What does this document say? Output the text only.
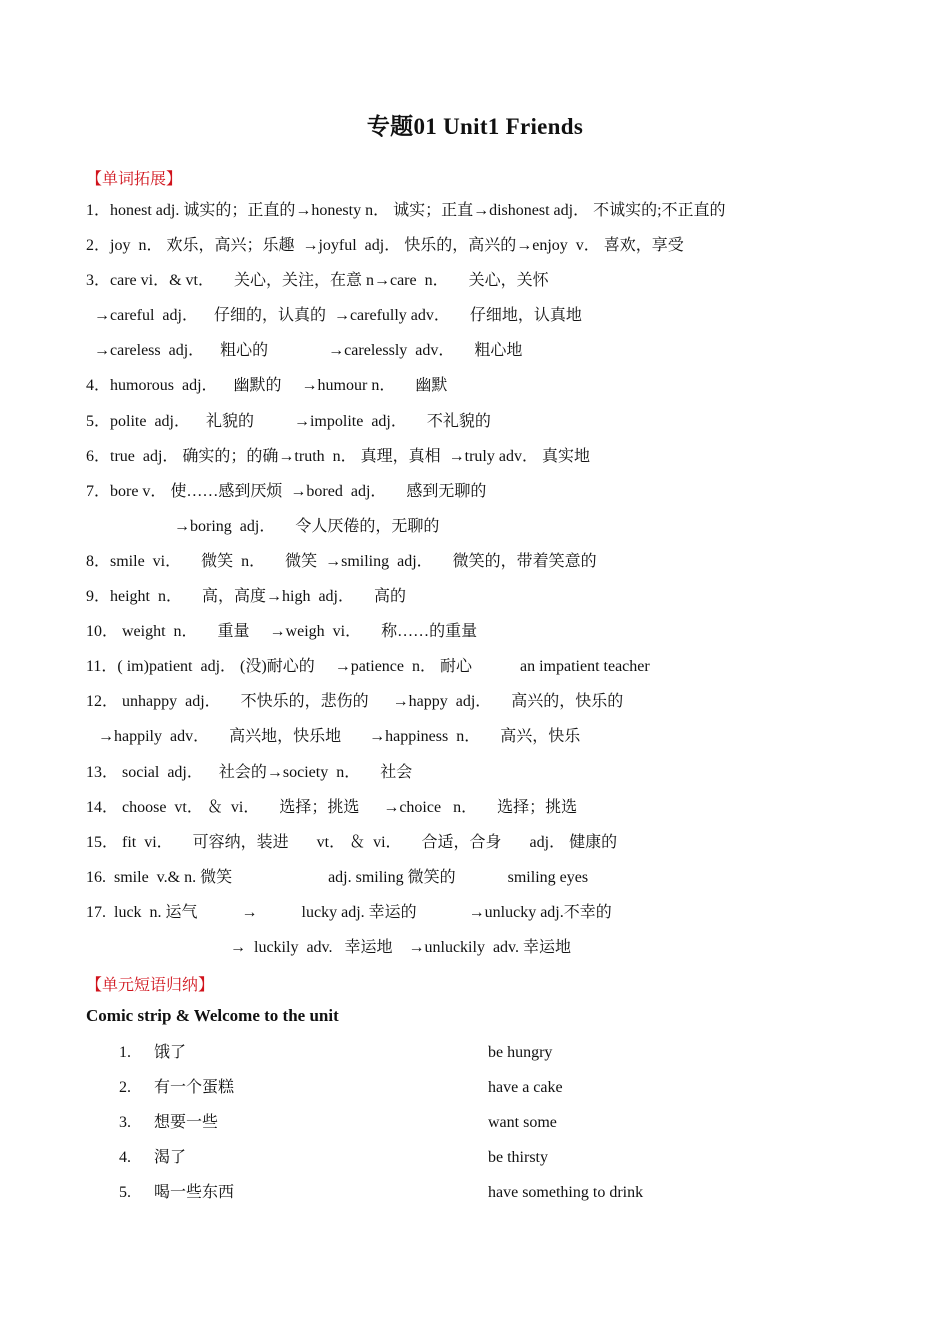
专题01 Unit1 Friends
【单词拓展】
1．honest adj. 诚实的；正直的→honesty n． 诚实；正直→dishonest adj． 不诚实的;不正直的
2．joy  n． 欢乐，高兴；乐趣  →joyful  adj． 快乐的，高兴的→enjoy  v． 喜欢，享受
3．care vi．& vt．     关心，关注，在意 n→care  n．     关心，关怀
→careful  adj．    仔细的，认真的  →carefully adv．     仔细地，认真地
→careless  adj．    粗心的               →carelessly  adv．     粗心地
4．humorous  adj．    幽默的     →humour n．     幽默
5．polite  adj．    礼貌的          →impolite  adj．     不礼貌的
6．true  adj． 确实的；的确→truth  n． 真理，真相  →truly adv． 真实地
7．bore v． 使……感到厌烦  →bored  adj．     感到无聊的
→boring  adj．     令人厌倦的，无聊的
8．smile  vi．     微笑  n．     微笑  →smiling  adj．     微笑的，带着笑意的
9．height  n．     高，高度→high  adj．     高的
10． weight  n．     重量     →weigh  vi．     称……的重量
11．( im)patient  adj． (没)耐心的     →patience  n． 耐心            an impatient teacher
12． unhappy  adj．     不快乐的，悲伤的      →happy  adj．     高兴的，快乐的
→happily  adv．     高兴地，快乐地       →happiness  n．     高兴，快乐
13． social  adj．    社会的→society  n．     社会
14． choose  vt． ＆  vi．     选择；挑选      →choice   n．     选择；挑选
15． fit  vi．     可容纳，装进       vt． ＆  vi．     合适，合身       adj． 健康的
16.  smile  v.& n. 微笑                        adj. smiling 微笑的             smiling eyes
17.  luck  n. 运气           →           lucky adj. 幸运的             →unlucky adj.不幸的
→  luckily  adv.   幸运地    →unluckily  adv. 幸运地
【单元短语归纳】
Comic strip & Welcome to the unit
1. 饿了	be hungry
2. 有一个蛋糕	have a cake
3. 想要一些	want some
4. 渴了	be thirsty
5. 喝一些东西	have something to drink
